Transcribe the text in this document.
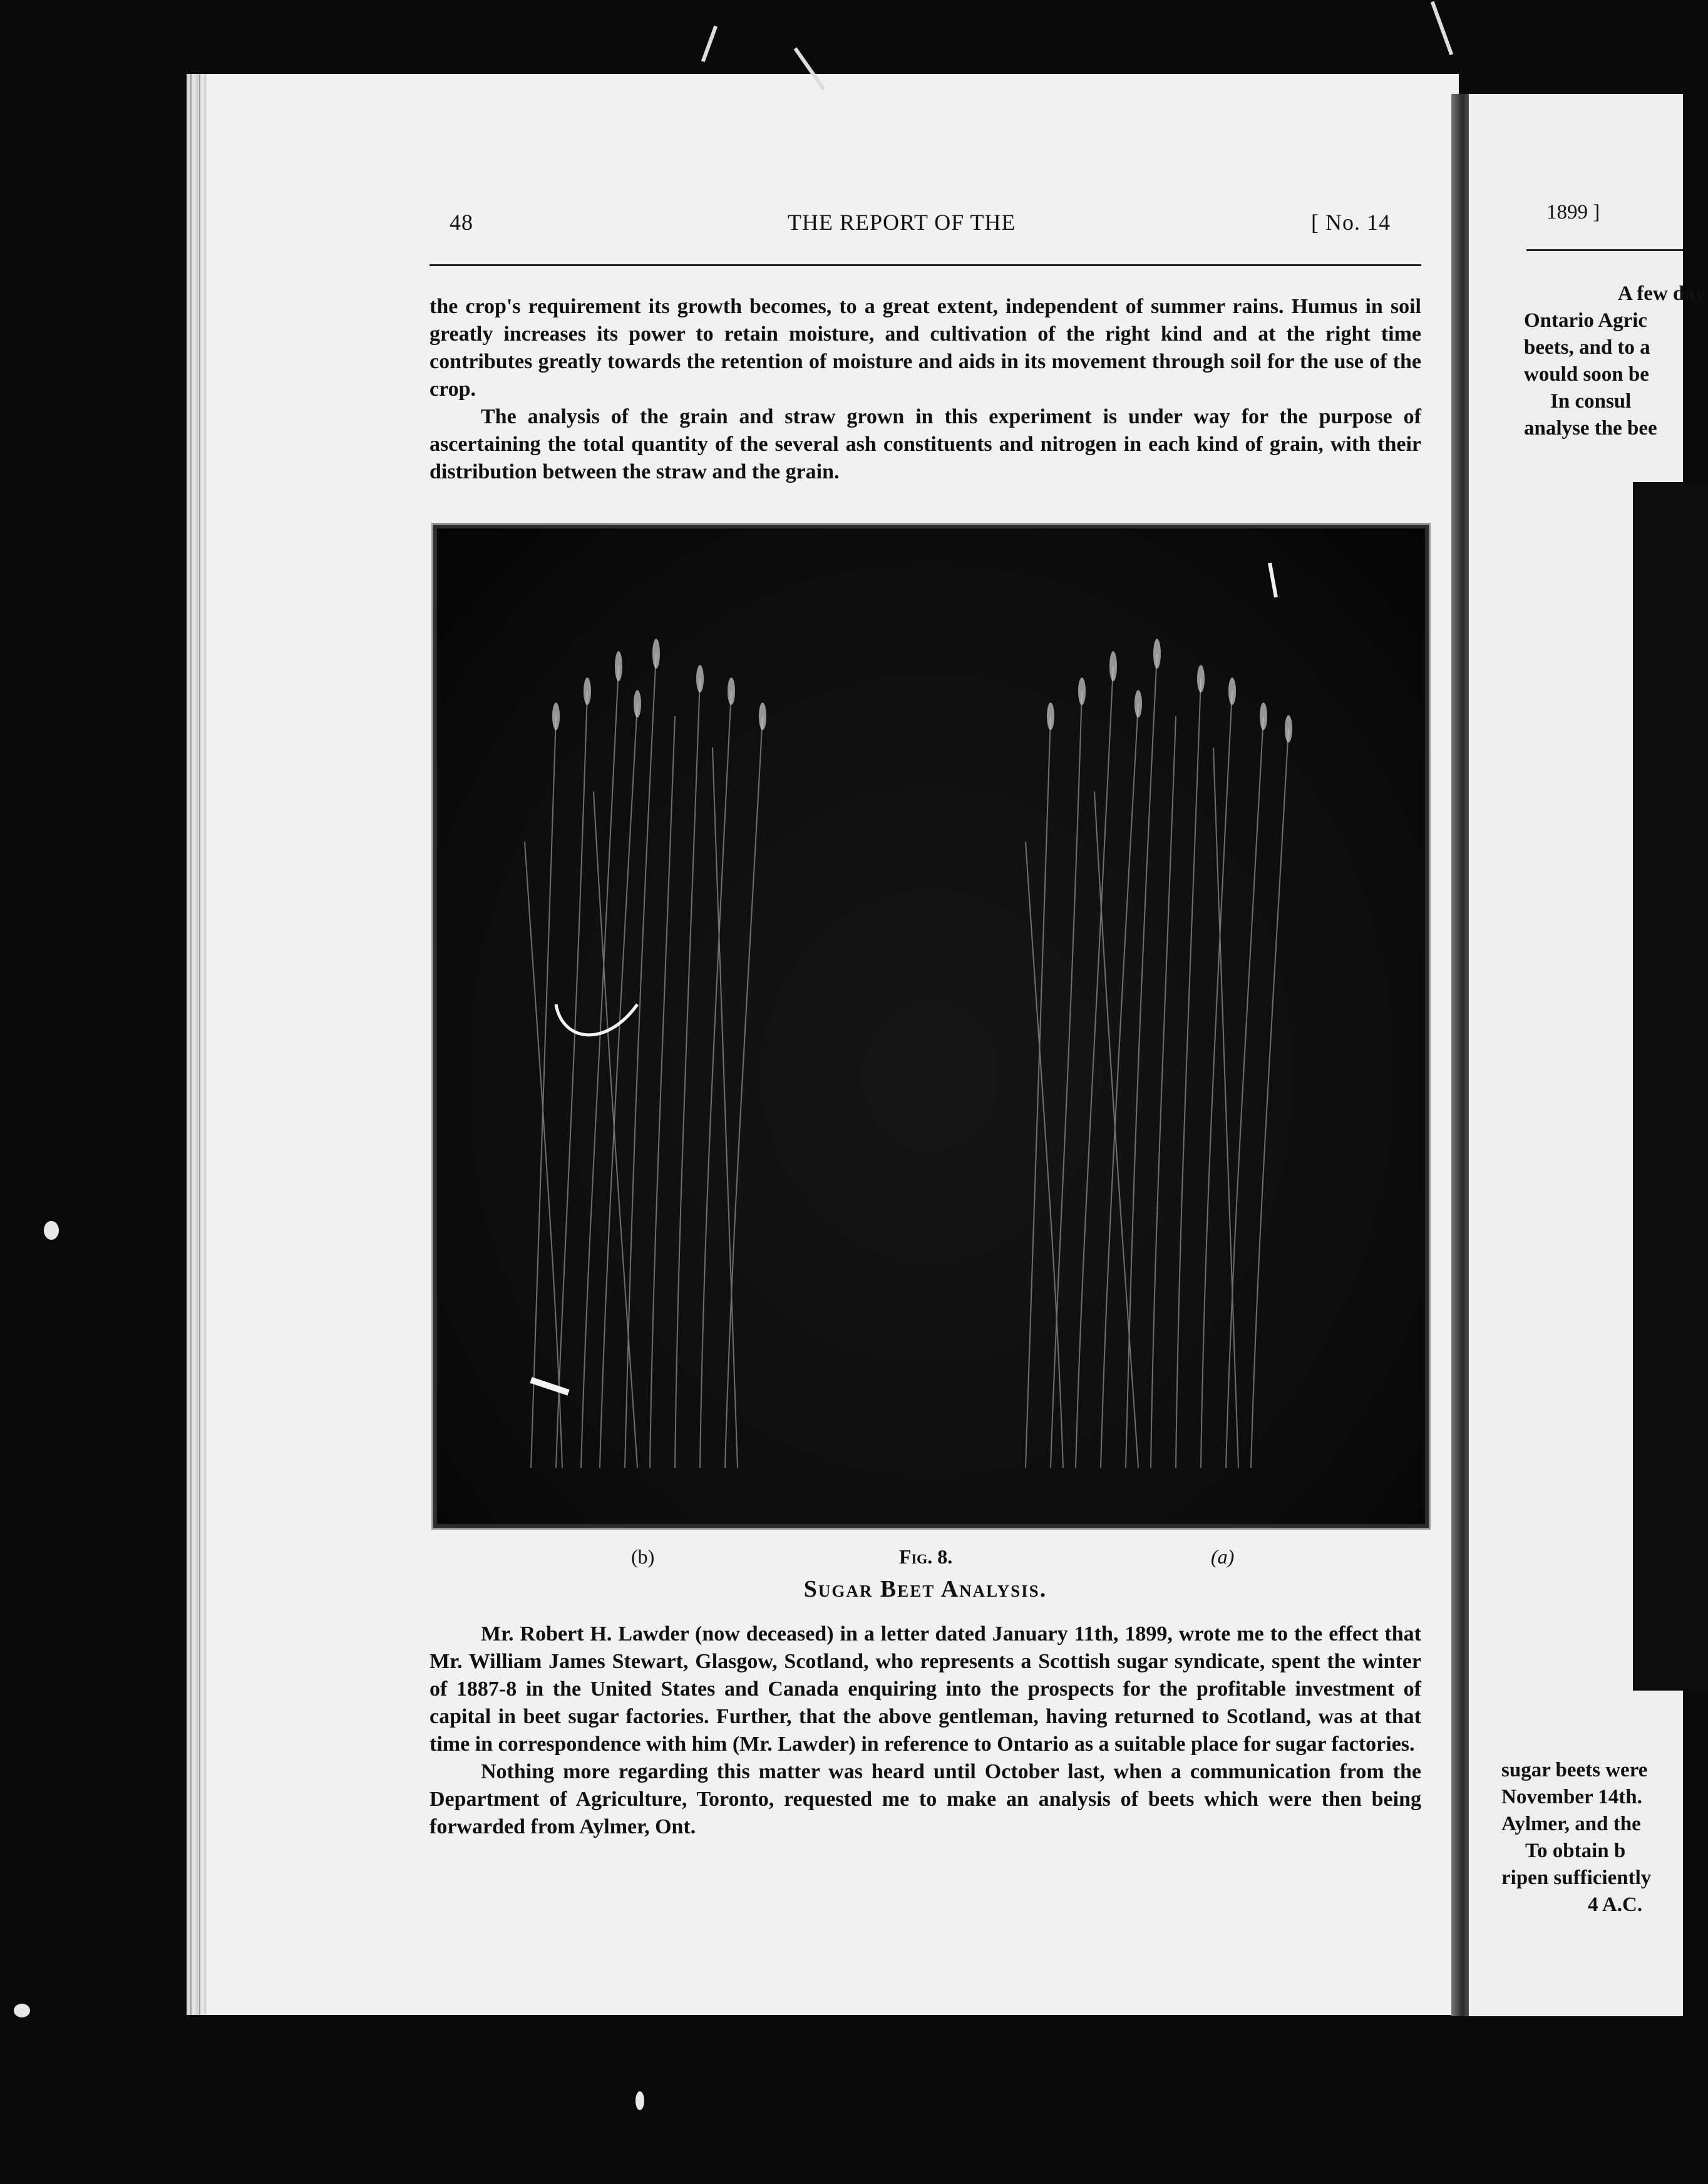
48	THE REPORT OF THE	[ No. 14

the crop's requirement its growth becomes, to a great extent, independent of summer rains. Humus in soil greatly increases its power to retain moisture, and cultivation of the right kind and at the right time contributes greatly towards the retention of moisture and aids in its movement through soil for the use of the crop.

The analysis of the grain and straw grown in this experiment is under way for the purpose of ascertaining the total quantity of the several ash constituents and nitrogen in each kind of grain, with their distribution between the straw and the grain.

(b)	Fig. 8.	(a)
Sugar Beet Analysis.

Mr. Robert H. Lawder (now deceased) in a letter dated January 11th, 1899, wrote me to the effect that Mr. William James Stewart, Glasgow, Scotland, who represents a Scottish sugar syndicate, spent the winter of 1887-8 in the United States and Canada enquiring into the prospects for the profitable investment of capital in beet sugar factories. Further, that the above gentleman, having returned to Scotland, was at that time in correspondence with him (Mr. Lawder) in reference to Ontario as a suitable place for sugar factories.

Nothing more regarding this matter was heard until October last, when a communication from the Department of Agriculture, Toronto, requested me to make an analysis of beets which were then being forwarded from Aylmer, Ont.

1899 ]
A few day
Ontario Agric
beets, and to a
would soon be
In consul
analyse the bee
sugar beets were
November 14th.
Aylmer, and the
To obtain b
ripen sufficiently
4 A.C.
